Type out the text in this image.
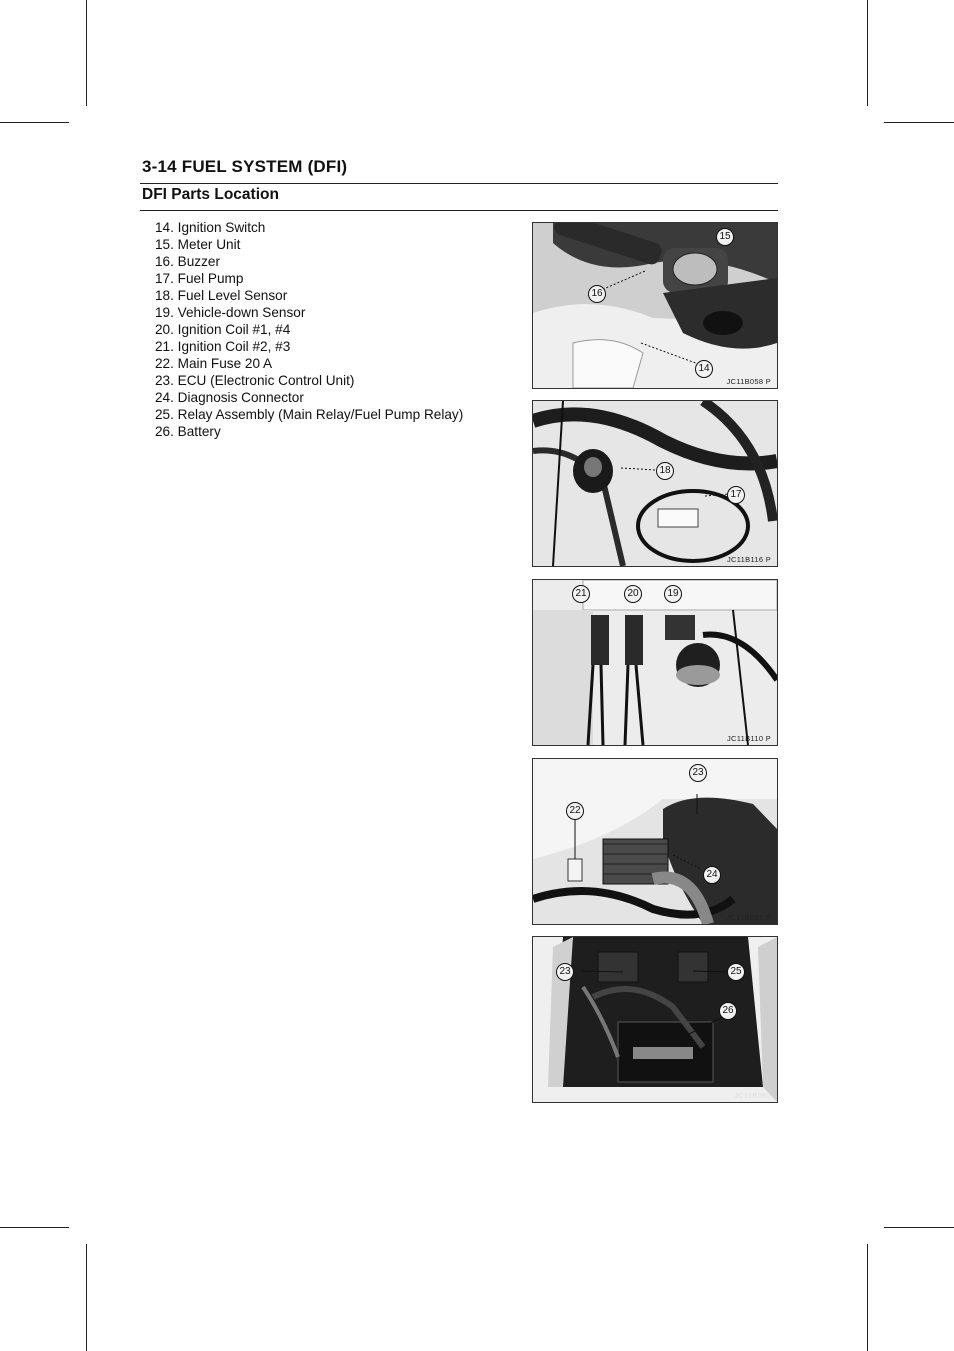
3-14 FUEL SYSTEM (DFI)
DFI Parts Location
14. Ignition Switch
15. Meter Unit
16. Buzzer
17. Fuel Pump
18. Fuel Level Sensor
19. Vehicle-down Sensor
20. Ignition Coil #1, #4
21. Ignition Coil #2, #3
22. Main Fuse 20 A
23. ECU (Electronic Control Unit)
24. Diagnosis Connector
25. Relay Assembly (Main Relay/Fuel Pump Relay)
26. Battery
15
16
14
JC11B058 P
18
17
JC11B116 P
21	20	19
JC11B110 P
23
22
24
JC11B061 P
23	25
26
JC11B062
